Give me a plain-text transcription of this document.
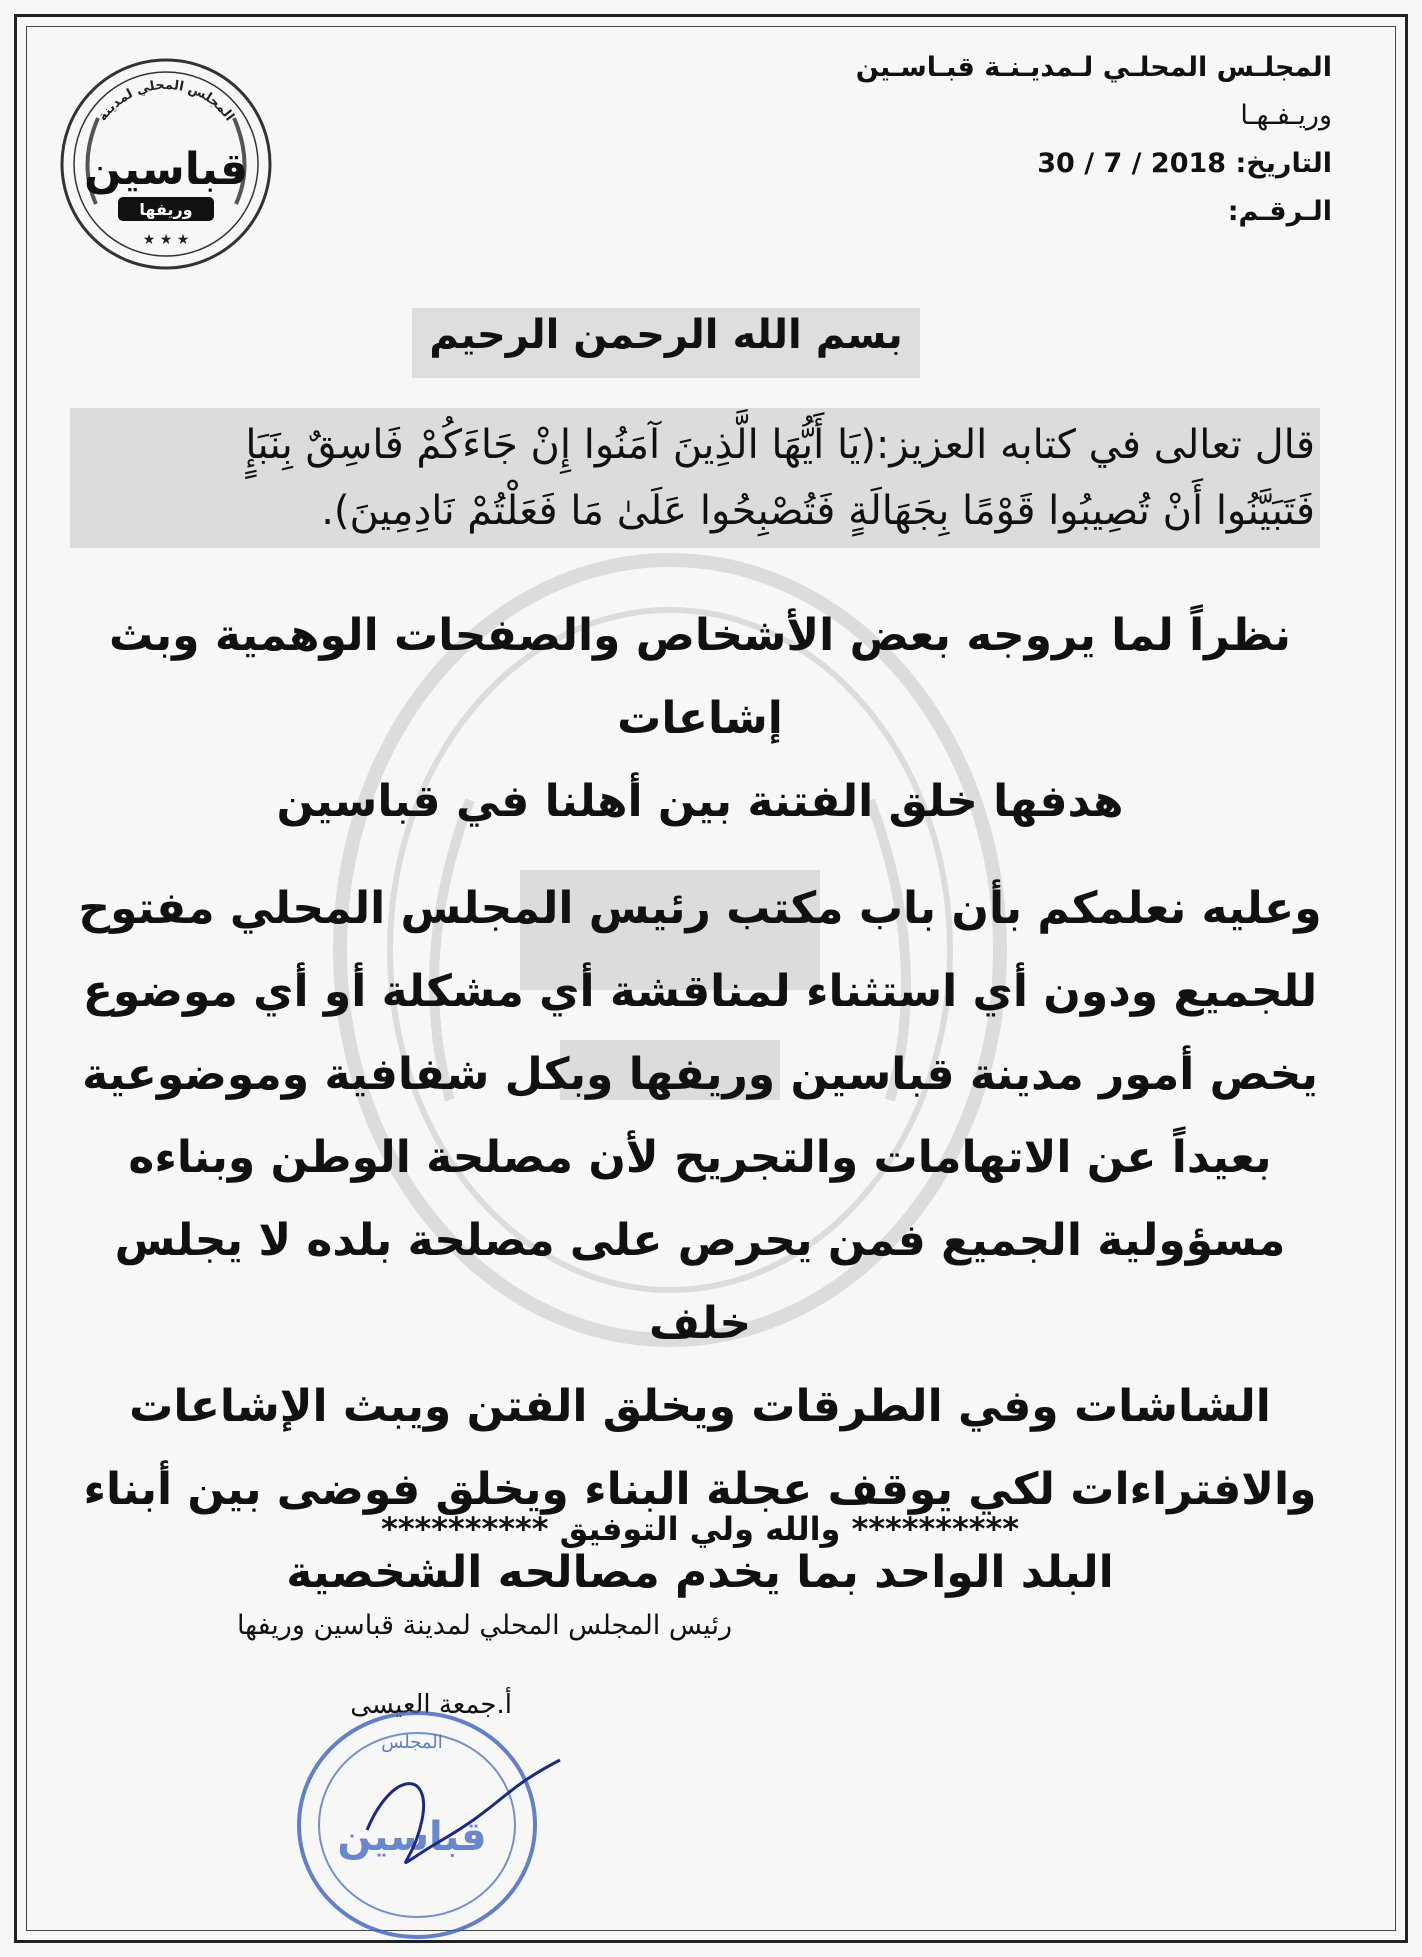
المجلـس المحلـي لـمديـنـة قبـاسـين
وريـفـهـا
التاريخ: 30 / 7 / 2018
الـرقـم:
المجلس المحلي لمدينة
قباسين
وريفها
★ ★ ★
بسم الله الرحمن الرحيم
قال تعالى في كتابه العزيز:(يَا أَيُّهَا الَّذِينَ آمَنُوا إِنْ جَاءَكُمْ فَاسِقٌ بِنَبَإٍ
فَتَبَيَّنُوا أَنْ تُصِيبُوا قَوْمًا بِجَهَالَةٍ فَتُصْبِحُوا عَلَىٰ مَا فَعَلْتُمْ نَادِمِينَ).
نظراً لما يروجه بعض الأشخاص والصفحات الوهمية وبث إشاعات
هدفها خلق الفتنة بين أهلنا في قباسين
وعليه نعلمكم بأن باب مكتب رئيس المجلس المحلي مفتوح
للجميع ودون أي استثناء لمناقشة أي مشكلة أو أي موضوع
يخص أمور مدينة قباسين وريفها وبكل شفافية وموضوعية
بعيداً عن الاتهامات والتجريح لأن مصلحة الوطن وبناءه
مسؤولية الجميع فمن يحرص على مصلحة بلده لا يجلس خلف
الشاشات وفي الطرقات ويخلق الفتن ويبث الإشاعات
والافتراءات لكي يوقف عجلة البناء ويخلق فوضى بين أبناء
البلد الواحد بما يخدم مصالحه الشخصية
********** والله ولي التوفيق **********
رئيس المجلس المحلي لمدينة قباسين وريفها
أ.جمعة العيسى
المجلس
قباسين
